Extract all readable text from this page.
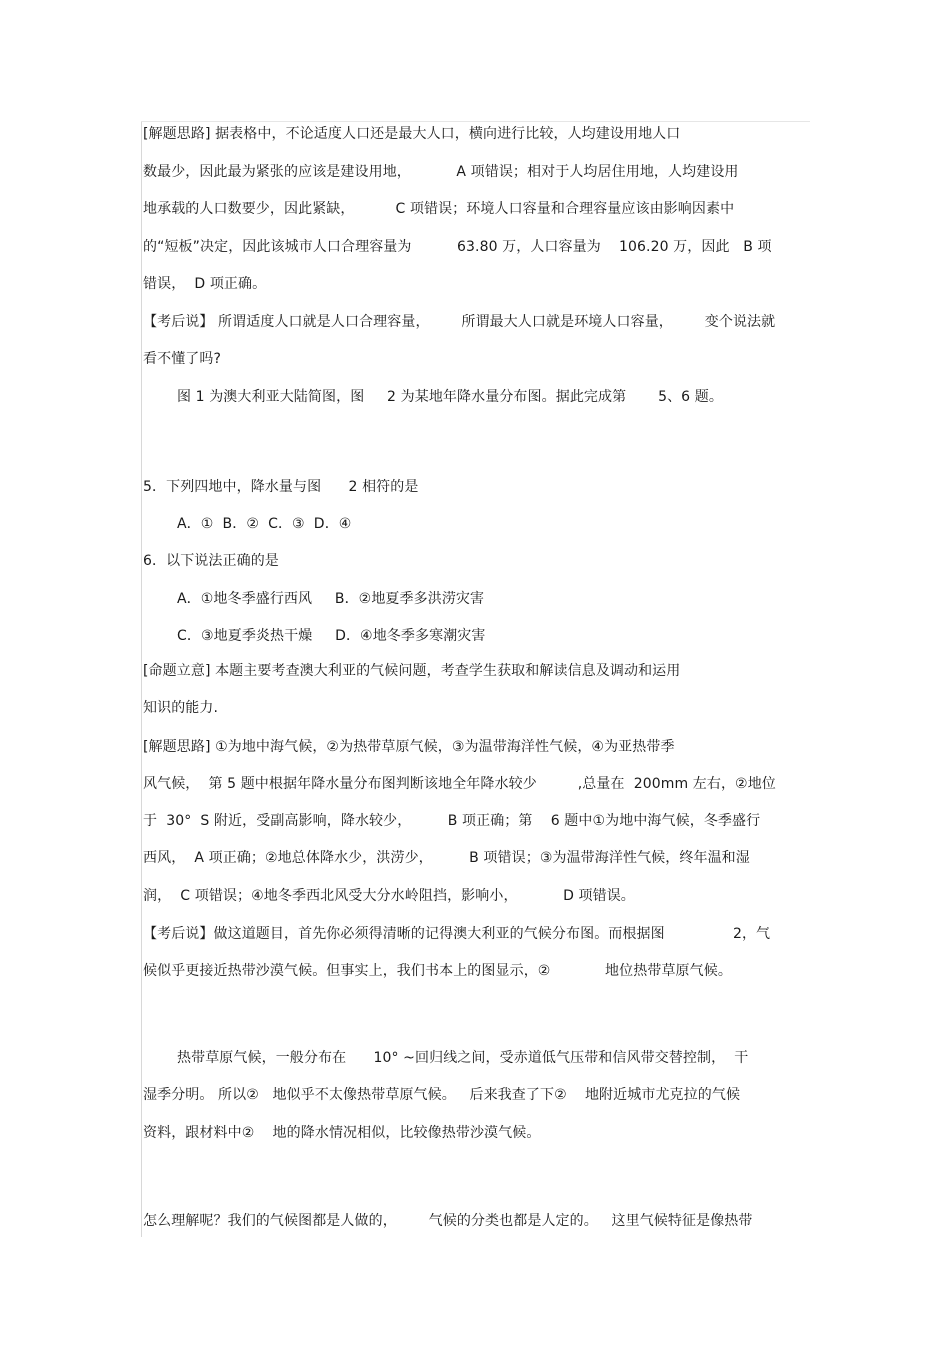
[解题思路] 据表格中，不论适度人口还是最大人口，横向进行比较，人均建设用地人口
数最少，因此最为紧张的应该是建设用地，          A 项错误；相对于人均居住用地，人均建设用
地承载的人口数要少，因此紧缺，         C 项错误；环境人口容量和合理容量应该由影响因素中
的“短板”决定，因此该城市人口合理容量为          63.80 万，人口容量为    106.20 万，因此   B 项
错误，  D 项正确。
【考后说】 所谓适度人口就是人口合理容量，       所谓最大人口就是环境人口容量，       变个说法就
看不懂了吗?
图 1 为澳大利亚大陆简图，图     2 为某地年降水量分布图。据此完成第       5、6 题。
5．下列四地中，降水量与图      2 相符的是
A．①  B．②  C．③  D．④
6．以下说法正确的是
A．①地冬季盛行西风     B．②地夏季多洪涝灾害
C．③地夏季炎热干燥     D．④地冬季多寒潮灾害
[命题立意] 本题主要考查澳大利亚的气候问题，考查学生获取和解读信息及调动和运用
知识的能力.
[解题思路] ①为地中海气候，②为热带草原气候，③为温带海洋性气候，④为亚热带季
风气候，  第 5 题中根据年降水量分布图判断该地全年降水较少         ,总量在  200mm 左右，②地位
于  30°  S 附近，受副高影响，降水较少，        B 项正确；第    6 题中①为地中海气候，冬季盛行
西风，  A 项正确；②地总体降水少，洪涝少，        B 项错误；③为温带海洋性气候，终年温和湿
润，  C 项错误；④地冬季西北风受大分水岭阻挡，影响小，          D 项错误。
【考后说】做这道题目，首先你必须得清晰的记得澳大利亚的气候分布图。而根据图               2，气
候似乎更接近热带沙漠气候。但事实上，我们书本上的图显示，②            地位热带草原气候。
热带草原气候，一般分布在      10° ~回归线之间，受赤道低气压带和信风带交替控制，  干
湿季分明。 所以②   地似乎不太像热带草原气候。   后来我查了下②    地附近城市尤克拉的气候
资料，跟材料中②    地的降水情况相似，比较像热带沙漠气候。
怎么理解呢？我们的气候图都是人做的，       气候的分类也都是人定的。   这里气候特征是像热带
